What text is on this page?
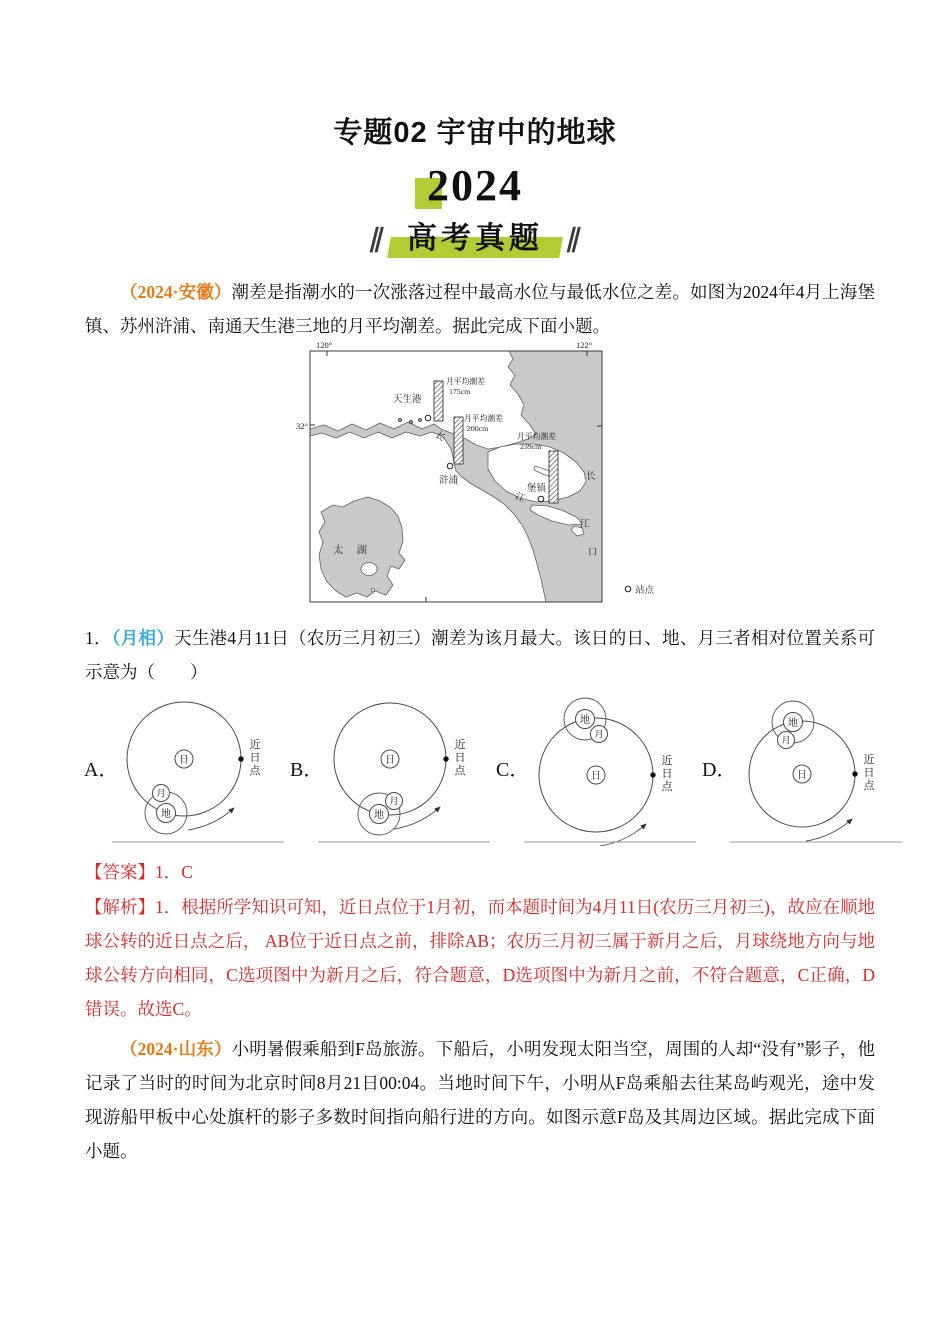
专题02 宇宙中的地球
2024
∥ 高考真题 ∥

（2024·安徽）潮差是指潮水的一次涨落过程中最高水位与最低水位之差。如图为2024年4月上海堡镇、苏州浒浦、南通天生港三地的月平均潮差。据此完成下面小题。

120°	122°
32°
天生港
浒浦
堡镇
月平均潮差
175cm
月平均潮差
200cm
月平均潮差
239cm
太湖
长
江
长
江
口
站点

1．（月相）天生港4月11日（农历三月初三）潮差为该月最大。该日的日、地、月三者相对位置关系可示意为（　　）

A．
近
日
点
日
地
月
B．
近
日
点
日
地
月
C．	近
日
点
日
地
月
D．	近
日
点
日
地
月

【答案】1．C

【解析】1．根据所学知识可知，近日点位于1月初，而本题时间为4月11日(农历三月初三)，故应在顺地球公转的近日点之后， AB位于近日点之前，排除AB；农历三月初三属于新月之后，月球绕地方向与地球公转方向相同，C选项图中为新月之后，符合题意，D选项图中为新月之前，不符合题意，C正确，D错误。故选C。

（2024·山东）小明暑假乘船到F岛旅游。下船后，小明发现太阳当空，周围的人却“没有”影子，他记录了当时的时间为北京时间8月21日00:04。当地时间下午，小明从F岛乘船去往某岛屿观光，途中发现游船甲板中心处旗杆的影子多数时间指向船行进的方向。如图示意F岛及其周边区域。据此完成下面小题。
